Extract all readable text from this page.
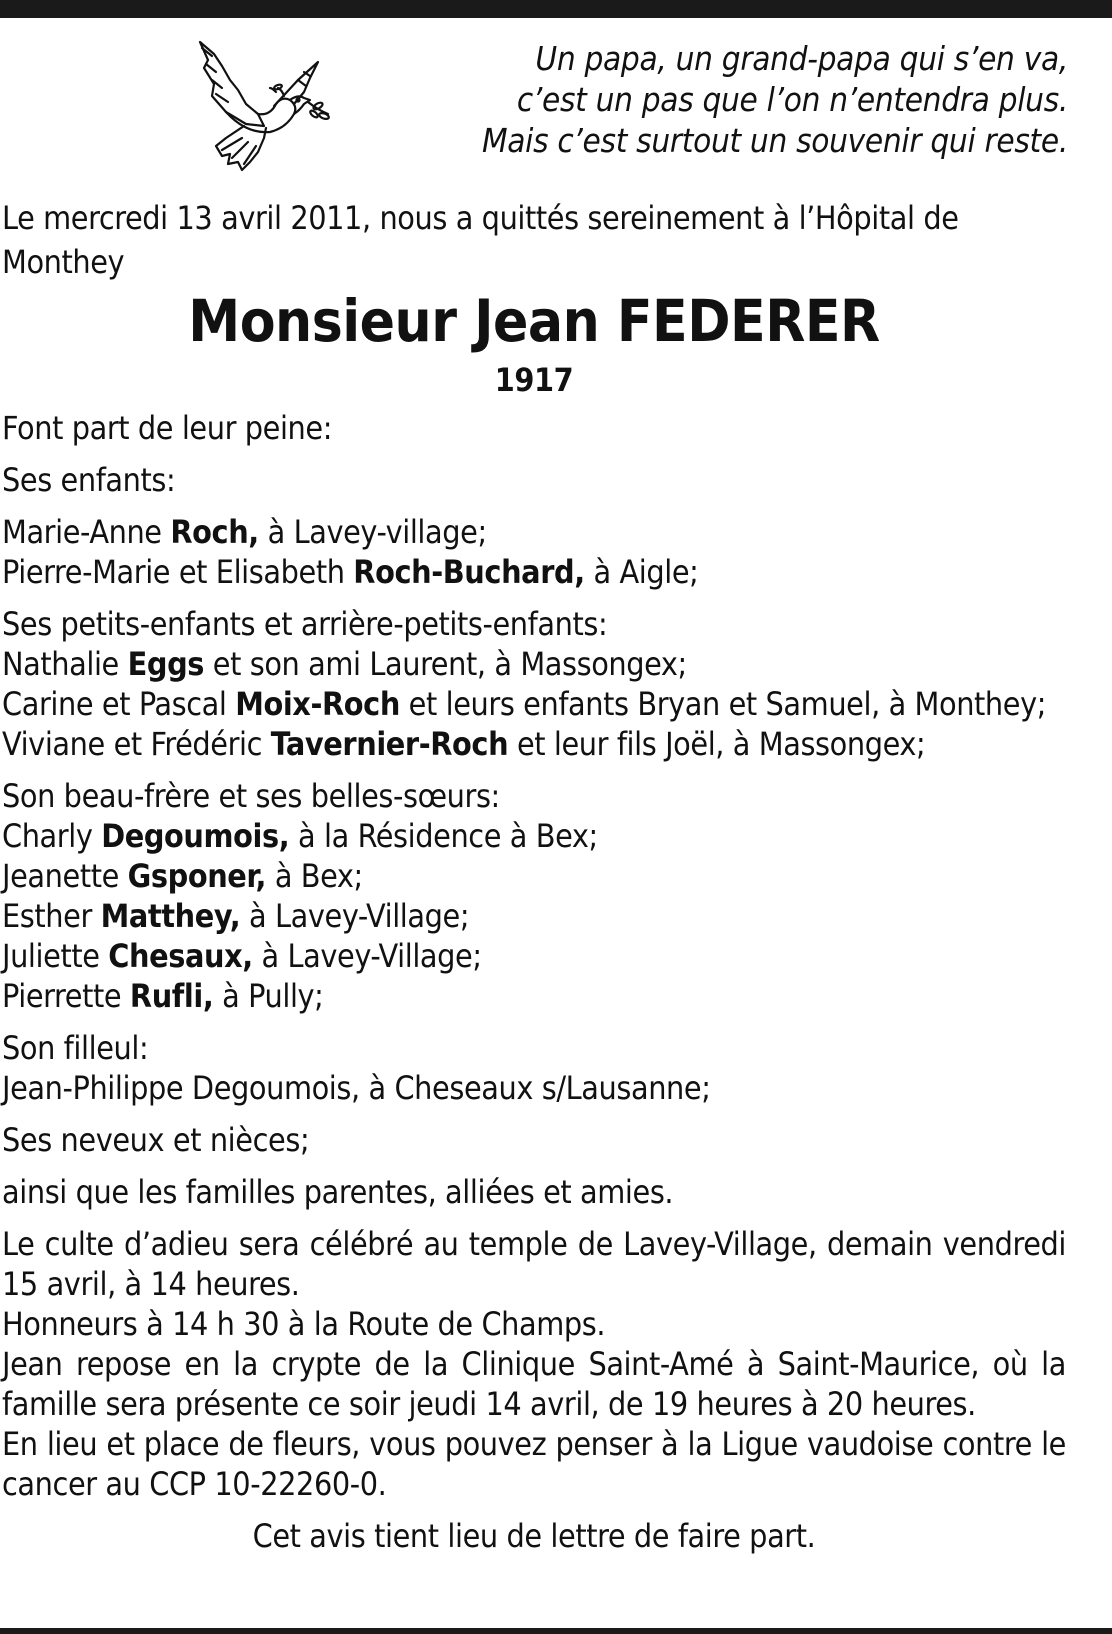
Un papa, un grand-papa qui s’en va,
c’est un pas que l’on n’entendra plus.
Mais c’est surtout un souvenir qui reste.
Le mercredi 13 avril 2011, nous a quittés sereinement à l’Hôpital de Monthey
Monsieur Jean FEDERER
1917

Font part de leur peine:

Ses enfants:

Marie-Anne Roch, à Lavey-village;

Pierre-Marie et Elisabeth Roch-Buchard, à Aigle;

Ses petits-enfants et arrière-petits-enfants:

Nathalie Eggs et son ami Laurent, à Massongex;

Carine et Pascal Moix-Roch et leurs enfants Bryan et Samuel, à Monthey;

Viviane et Frédéric Tavernier-Roch et leur fils Joël, à Massongex;

Son beau-frère et ses belles-sœurs:

Charly Degoumois, à la Résidence à Bex;

Jeanette Gsponer, à Bex;

Esther Matthey, à Lavey-Village;

Juliette Chesaux, à Lavey-Village;

Pierrette Rufli, à Pully;

Son filleul:

Jean-Philippe Degoumois, à Cheseaux s/Lausanne;

Ses neveux et nièces;

ainsi que les familles parentes, alliées et amies.

Le culte d’adieu sera célébré au temple de Lavey-Village, demain vendredi 15 avril, à 14 heures.

Honneurs à 14 h 30 à la Route de Champs.

Jean repose en la crypte de la Clinique Saint-Amé à Saint-Maurice, où la famille sera présente ce soir jeudi 14 avril, de 19 heures à 20 heures.

En lieu et place de fleurs, vous pouvez penser à la Ligue vaudoise contre le cancer au CCP 10-22260-0.

Cet avis tient lieu de lettre de faire part.
